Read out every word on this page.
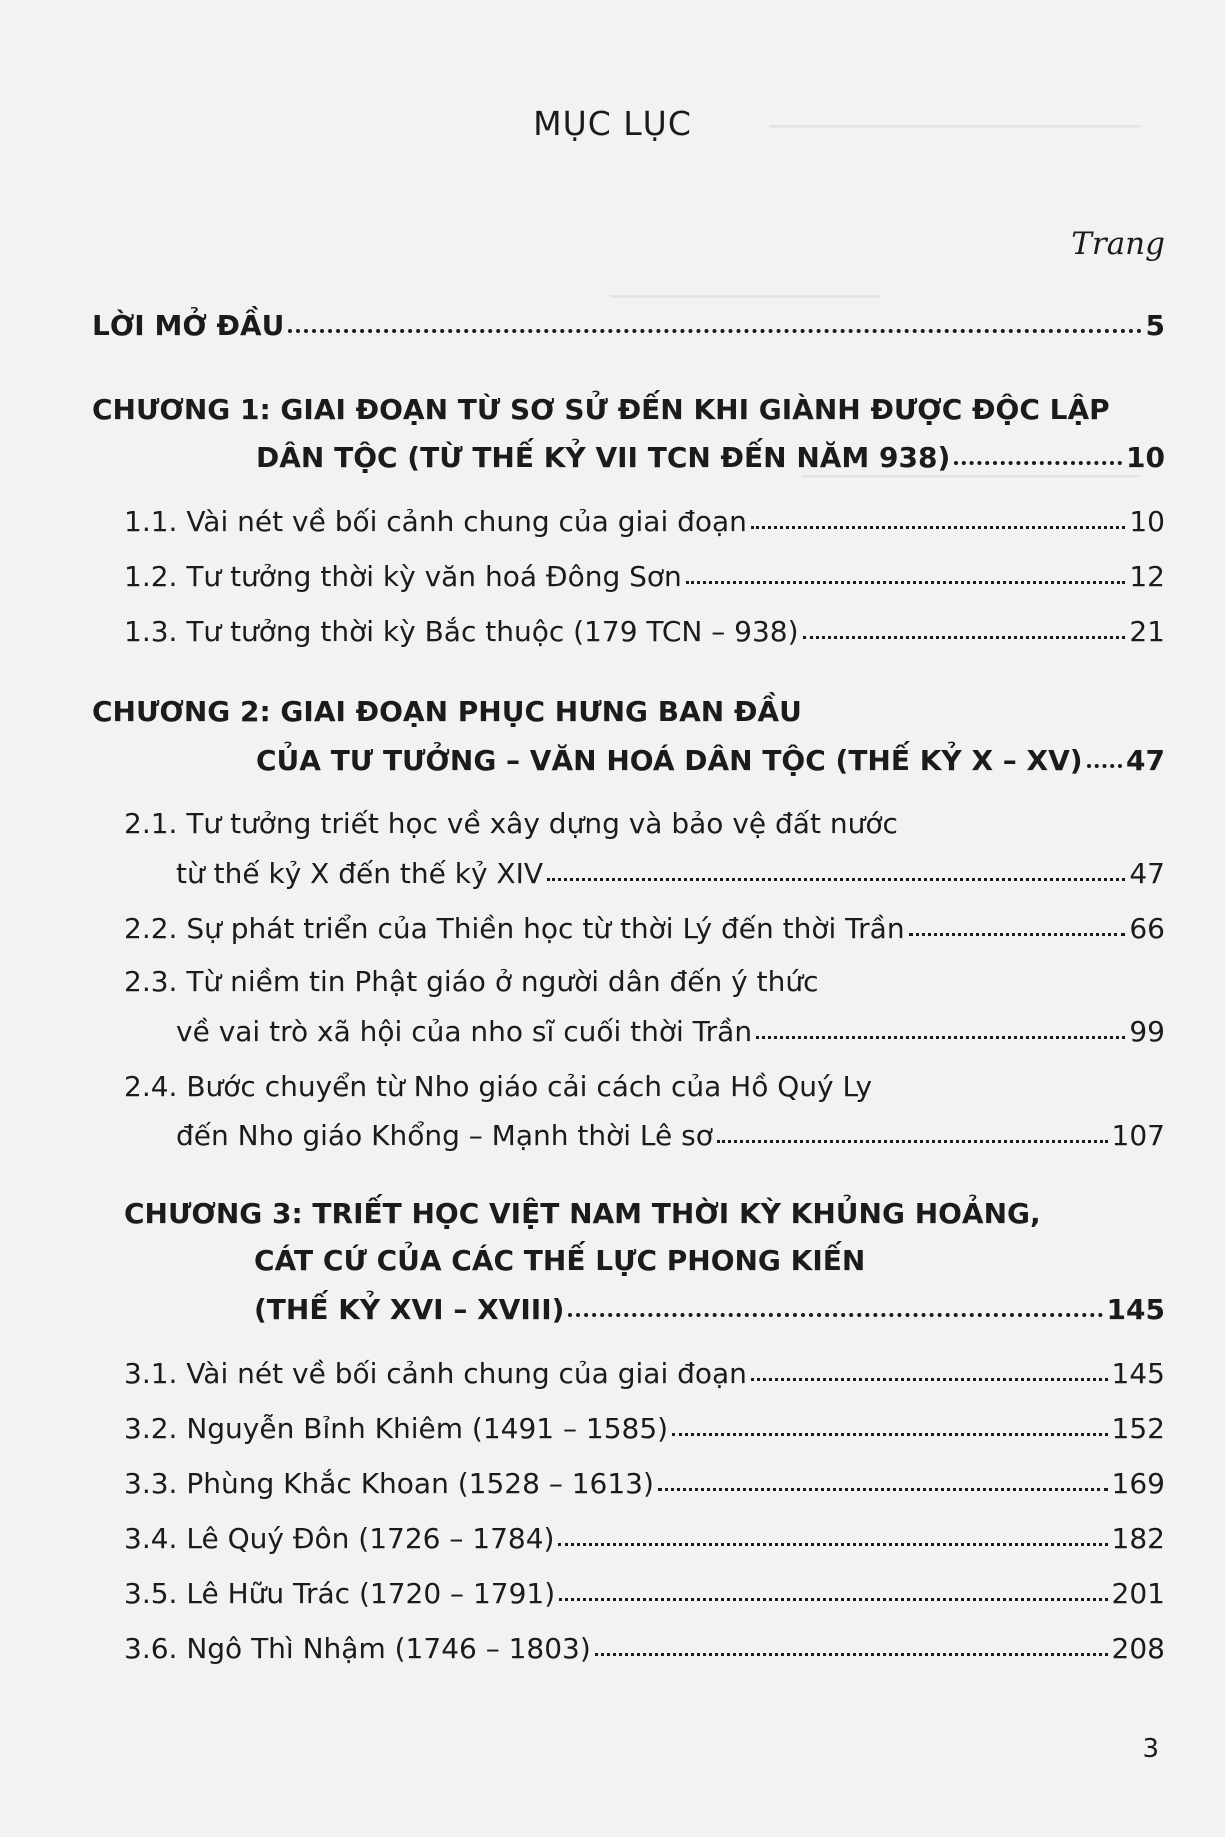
──────────────────────
────────────────
────────────────────
MỤC LỤC
Trang
LỜI MỞ ĐẦU	5
CHƯƠNG 1: GIAI ĐOẠN TỪ SƠ SỬ ĐẾN KHI GIÀNH ĐƯỢC ĐỘC LẬP
DÂN TỘC (TỪ THẾ KỶ VII TCN ĐẾN NĂM 938)	10
1.1. Vài nét về bối cảnh chung của giai đoạn	10
1.2. Tư tưởng thời kỳ văn hoá Đông Sơn	12
1.3. Tư tưởng thời kỳ Bắc thuộc (179 TCN – 938)	21
CHƯƠNG 2: GIAI ĐOẠN PHỤC HƯNG BAN ĐẦU
CỦA TƯ TƯỞNG – VĂN HOÁ DÂN TỘC (THẾ KỶ X – XV) 47
2.1. Tư tưởng triết học về xây dựng và bảo vệ đất nước
từ thế kỷ X đến thế kỷ XIV	47
2.2. Sự phát triển của Thiền học từ thời Lý đến thời Trần	66
2.3. Từ niềm tin Phật giáo ở người dân đến ý thức
về vai trò xã hội của nho sĩ cuối thời Trần	99
2.4. Bước chuyển từ Nho giáo cải cách của Hồ Quý Ly
đến Nho giáo Khổng – Mạnh thời Lê sơ	107
CHƯƠNG 3: TRIẾT HỌC VIỆT NAM THỜI KỲ KHỦNG HOẢNG,
CÁT CỨ CỦA CÁC THẾ LỰC PHONG KIẾN
(THẾ KỶ XVI – XVIII)	145
3.1. Vài nét về bối cảnh chung của giai đoạn	145
3.2. Nguyễn Bỉnh Khiêm (1491 – 1585)	152
3.3. Phùng Khắc Khoan (1528 – 1613)	169
3.4. Lê Quý Đôn (1726 – 1784)	182
3.5. Lê Hữu Trác (1720 – 1791)	201
3.6. Ngô Thì Nhậm (1746 – 1803)	208
3
